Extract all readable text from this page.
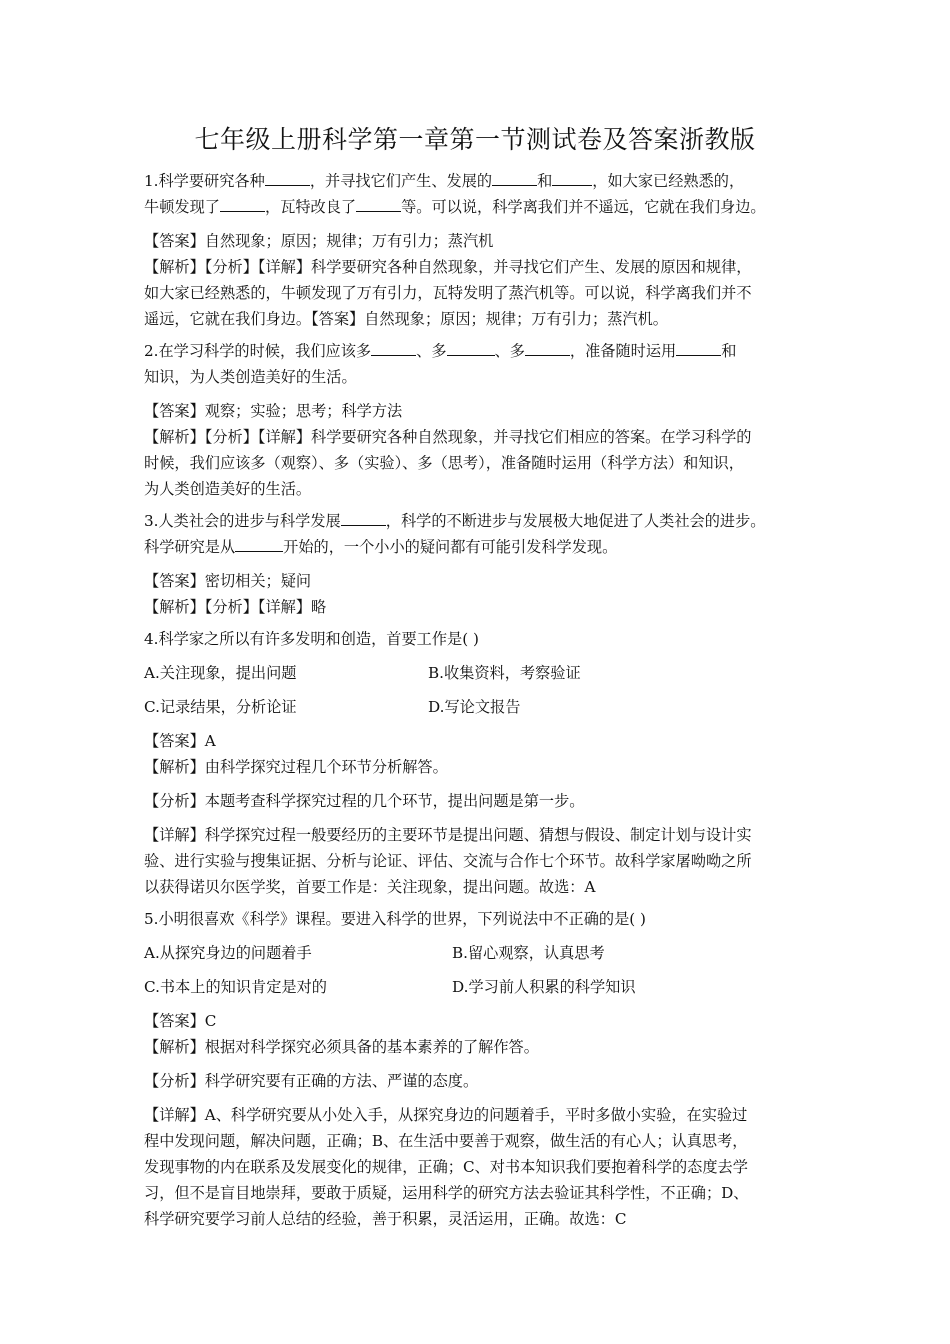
七年级上册科学第一章第一节测试卷及答案浙教版

1.科学要研究各种	，并寻找它们产生、发展的	和	，如大家已经熟悉的，
牛顿发现了	，瓦特改良了	等。可以说，科学离我们并不遥远，它就在我们身边。

【答案】自然现象；原因；规律；万有引力；蒸汽机

【解析】【分析】【详解】科学要研究各种自然现象，并寻找它们产生、发展的原因和规律，
如大家已经熟悉的，牛顿发现了万有引力，瓦特发明了蒸汽机等。可以说，科学离我们并不
遥远，它就在我们身边。【答案】自然现象；原因；规律；万有引力；蒸汽机。

2.在学习科学的时候，我们应该多	、多	、多	，准备随时运用	和
知识，为人类创造美好的生活。

【答案】观察；实验；思考；科学方法

【解析】【分析】【详解】科学要研究各种自然现象，并寻找它们相应的答案。在学习科学的
时候，我们应该多（观察）、多（实验）、多（思考），准备随时运用（科学方法）和知识，
为人类创造美好的生活。

3.人类社会的进步与科学发展	，科学的不断进步与发展极大地促进了人类社会的进步。
科学研究是从	开始的，一个小小的疑问都有可能引发科学发现。

【答案】密切相关；疑问

【解析】【分析】【详解】略

4.科学家之所以有许多发明和创造，首要工作是( )

A.关注现象，提出问题	B.收集资料，考察验证
C.记录结果，分析论证	D.写论文报告

【答案】A

【解析】由科学探究过程几个环节分析解答。

【分析】本题考查科学探究过程的几个环节，提出问题是第一步。

【详解】科学探究过程一般要经历的主要环节是提出问题、猜想与假设、制定计划与设计实
验、进行实验与搜集证据、分析与论证、评估、交流与合作七个环节。故科学家屠呦呦之所
以获得诺贝尔医学奖，首要工作是：关注现象，提出问题。故选：A

5.小明很喜欢《科学》课程。要进入科学的世界，下列说法中不正确的是( )

A.从探究身边的问题着手	B.留心观察，认真思考
C.书本上的知识肯定是对的	D.学习前人积累的科学知识

【答案】C

【解析】根据对科学探究必须具备的基本素养的了解作答。

【分析】科学研究要有正确的方法、严谨的态度。

【详解】A、科学研究要从小处入手，从探究身边的问题着手，平时多做小实验，在实验过
程中发现问题，解决问题，正确；B、在生活中要善于观察，做生活的有心人；认真思考，
发现事物的内在联系及发展变化的规律，正确；C、对书本知识我们要抱着科学的态度去学
习，但不是盲目地崇拜，要敢于质疑，运用科学的研究方法去验证其科学性，不正确；D、
科学研究要学习前人总结的经验，善于积累，灵活运用，正确。故选：C
